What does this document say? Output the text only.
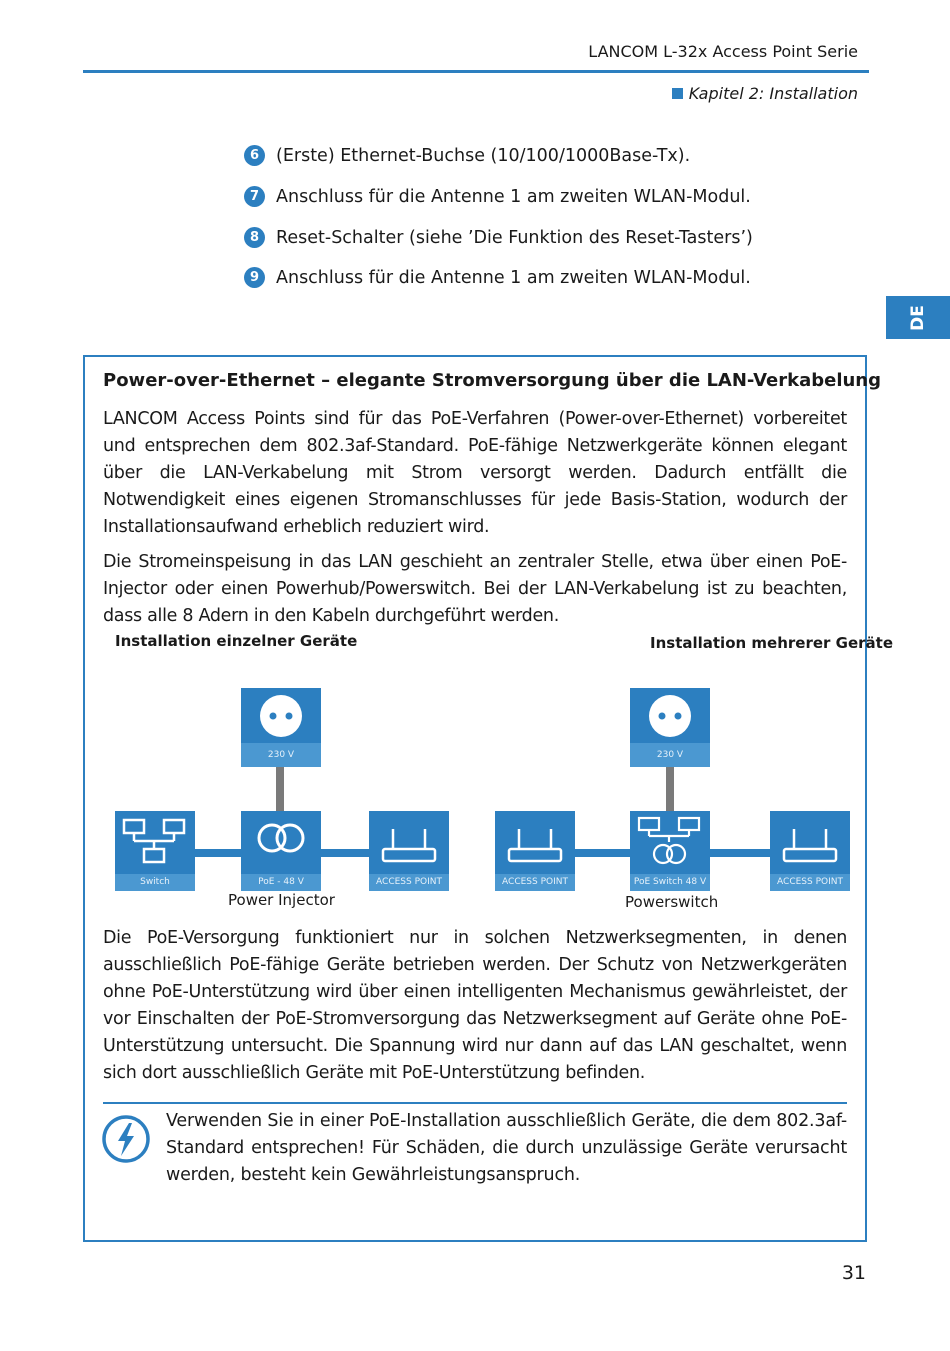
LANCOM L-32x Access Point Serie
Kapitel 2: Installation
DE
6 (Erste) Ethernet-Buchse (10/100/1000Base-Tx).
7 Anschluss für die Antenne 1 am zweiten WLAN-Modul.
8 Reset-Schalter (siehe ’Die Funktion des Reset-Tasters’)
9 Anschluss für die Antenne 1 am zweiten WLAN-Modul.
Power-over-Ethernet – elegante Stromversorgung über die LAN-Verkabelung
LANCOM Access Points sind für das PoE-Verfahren (Power-over-Ethernet) vorbereitet und entsprechen dem 802.3af-Standard. PoE-fähige Netzwerkgeräte können elegant über die LAN-Verkabelung mit Strom versorgt werden. Dadurch entfällt die Notwendigkeit eines eigenen Stromanschlusses für jede Basis-Station, wodurch der Installationsaufwand erheblich reduziert wird.
Die Stromeinspeisung in das LAN geschieht an zentraler Stelle, etwa über einen PoE-Injector oder einen Powerhub/Powerswitch. Bei der LAN-Verkabelung ist zu beachten, dass alle 8 Adern in den Kabeln durchgeführt werden.
Installation einzelner Geräte	Installation mehrerer Geräte
230 V
Switch	PoE - 48 V	ACCESS POINT
Power Injector
230 V
ACCESS POINT	PoE Switch 48 V	ACCESS POINT
Powerswitch
Die PoE-Versorgung funktioniert nur in solchen Netzwerksegmenten, in denen ausschließlich PoE-fähige Geräte betrieben werden. Der Schutz von Netzwerkgeräten ohne PoE-Unterstützung wird über einen intelligenten Mechanismus gewährleistet, der vor Einschalten der PoE-Stromversorgung das Netzwerksegment auf Geräte ohne PoE-Unterstützung untersucht. Die Spannung wird nur dann auf das LAN geschaltet, wenn sich dort ausschließlich Geräte mit PoE-Unterstützung befinden.
Verwenden Sie in einer PoE-Installation ausschließlich Geräte, die dem 802.3af-Standard entsprechen! Für Schäden, die durch unzulässige Geräte verursacht werden, besteht kein Gewährleistungsanspruch.
31
